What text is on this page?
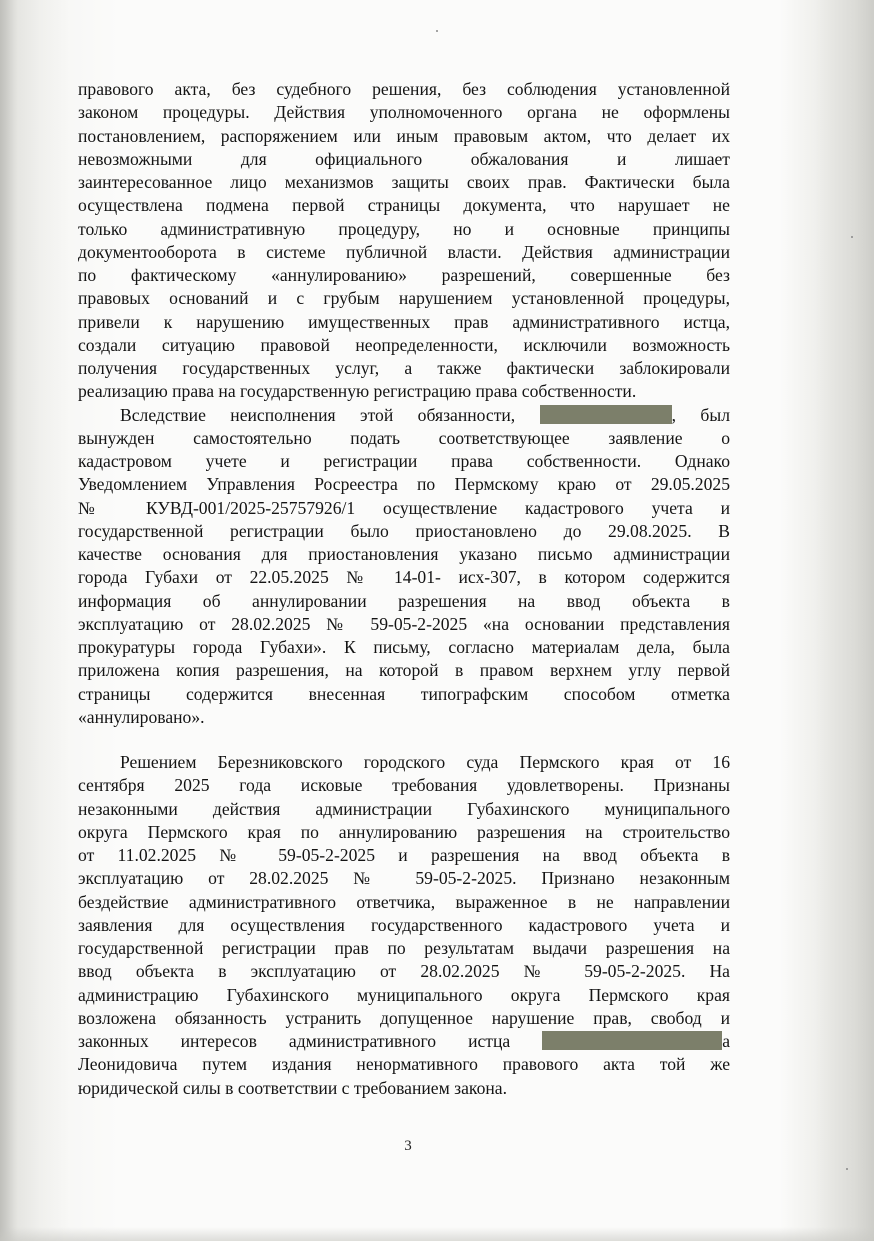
правового акта, без судебного решения, без соблюдения установленной
законом процедуры. Действия уполномоченного органа не оформлены
постановлением, распоряжением или иным правовым актом, что делает их
невозможными для официального обжалования и лишает
заинтересованное лицо механизмов защиты своих прав. Фактически была
осуществлена подмена первой страницы документа, что нарушает не
только административную процедуру, но и основные принципы
документооборота в системе публичной власти. Действия администрации
по фактическому «аннулированию» разрешений, совершенные без
правовых оснований и с грубым нарушением установленной процедуры,
привели к нарушению имущественных прав административного истца,
создали ситуацию правовой неопределенности, исключили возможность
получения государственных услуг, а также фактически заблокировали
реализацию права на государственную регистрацию права собственности.
Вследствие неисполнения этой обязанности,	, был
вынужден самостоятельно подать соответствующее заявление о
кадастровом учете и регистрации права собственности. Однако
Уведомлением Управления Росреестра по Пермскому краю от 29.05.2025
№ КУВД-001/2025-25757926/1 осуществление кадастрового учета и
государственной регистрации было приостановлено до 29.08.2025. В
качестве основания для приостановления указано письмо администрации
города Губахи от 22.05.2025 № 14-01- исх-307, в котором содержится
информация об аннулировании разрешения на ввод объекта в
эксплуатацию от 28.02.2025 № 59-05-2-2025 «на основании представления
прокуратуры города Губахи». К письму, согласно материалам дела, была
приложена копия разрешения, на которой в правом верхнем углу первой
страницы содержится внесенная типографским способом отметка
«аннулировано».
Решением Березниковского городского суда Пермского края от 16
сентября 2025 года исковые требования удовлетворены. Признаны
незаконными действия администрации Губахинского муниципального
округа Пермского края по аннулированию разрешения на строительство
от 11.02.2025 № 59-05-2-2025 и разрешения на ввод объекта в
эксплуатацию от 28.02.2025 № 59-05-2-2025. Признано незаконным
бездействие административного ответчика, выраженное в не направлении
заявления для осуществления государственного кадастрового учета и
государственной регистрации прав по результатам выдачи разрешения на
ввод объекта в эксплуатацию от 28.02.2025 № 59-05-2-2025. На
администрацию Губахинского муниципального округа Пермского края
возложена обязанность устранить допущенное нарушение прав, свобод и
законных интересов административного истца	а
Леонидовича путем издания ненормативного правового акта той же
юридической силы в соответствии с требованием закона.
3
